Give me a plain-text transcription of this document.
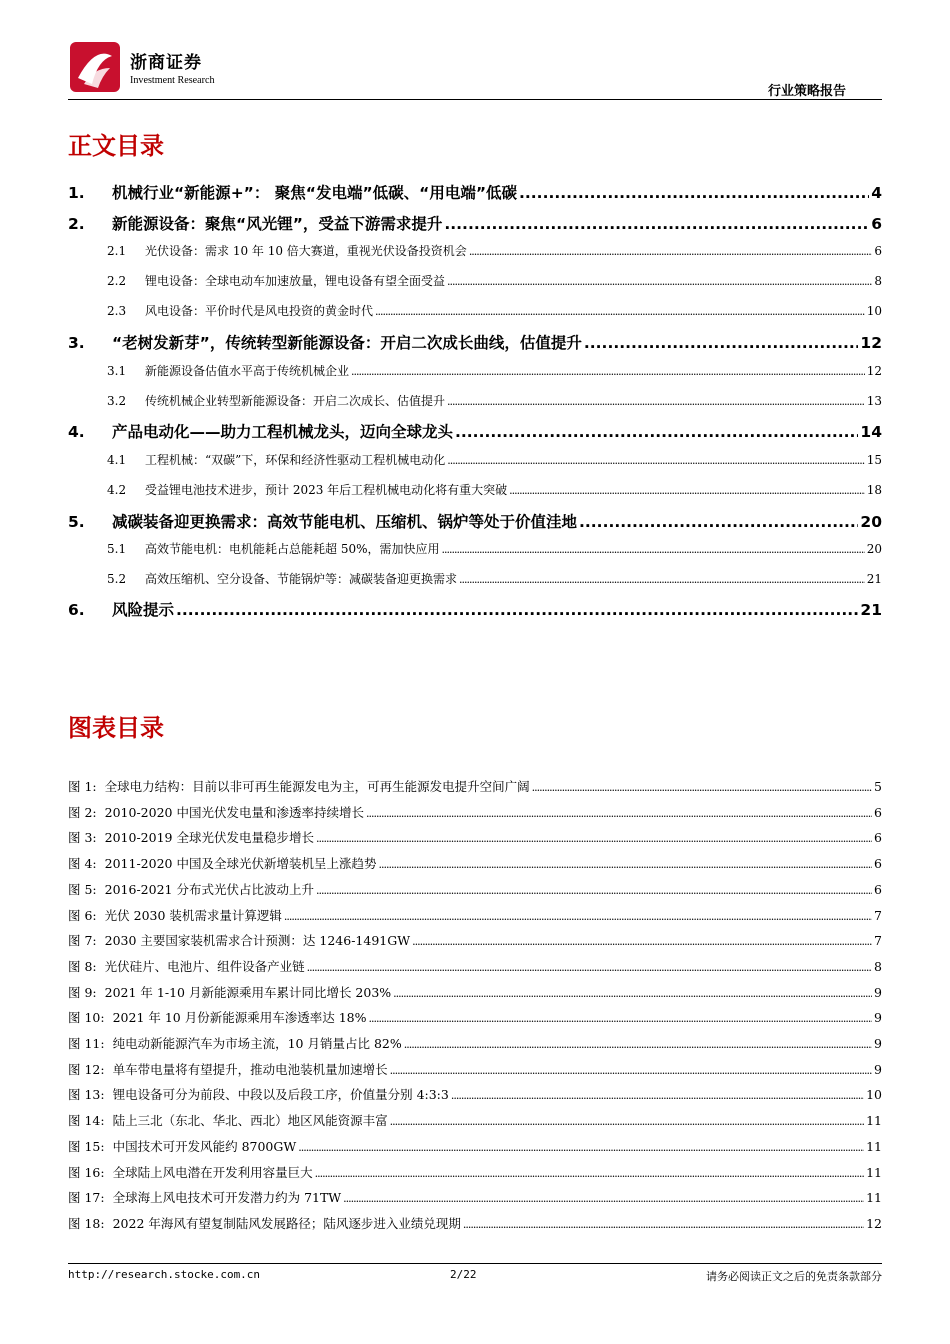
浙商证券
Investment Research
行业策略报告
正文目录
1.	机械行业“新能源+”： 聚焦“发电端”低碳、“用电端”低碳 .....	4
2.	新能源设备：聚焦“风光锂”，受益下游需求提升 .....	6
2.1	光伏设备：需求 10 年 10 倍大赛道，重视光伏设备投资机会 .....	6
2.2	锂电设备：全球电动车加速放量，锂电设备有望全面受益 .....	8
2.3	风电设备：平价时代是风电投资的黄金时代 .....	10
3.	“老树发新芽”，传统转型新能源设备：开启二次成长曲线，估值提升 .....	12
3.1	新能源设备估值水平高于传统机械企业 .....	12
3.2	传统机械企业转型新能源设备：开启二次成长、估值提升 .....	13
4.	产品电动化——助力工程机械龙头，迈向全球龙头 .....	14
4.1	工程机械：“双碳”下，环保和经济性驱动工程机械电动化 .....	15
4.2	受益锂电池技术进步，预计 2023 年后工程机械电动化将有重大突破 .....	18
5.	减碳装备迎更换需求：高效节能电机、压缩机、锅炉等处于价值洼地 .....	20
5.1	高效节能电机：电机能耗占总能耗超 50%，需加快应用 .....	20
5.2	高效压缩机、空分设备、节能锅炉等：减碳装备迎更换需求 .....	21
6.	风险提示 .....	21
图表目录
图 1: 全球电力结构：目前以非可再生能源发电为主，可再生能源发电提升空间广阔 .....	5
图 2: 2010-2020 中国光伏发电量和渗透率持续增长 .....	6
图 3: 2010-2019 全球光伏发电量稳步增长 .....	6
图 4: 2011-2020 中国及全球光伏新增装机呈上涨趋势 .....	6
图 5: 2016-2021 分布式光伏占比波动上升 .....	6
图 6: 光伏 2030 装机需求量计算逻辑 .....	7
图 7: 2030 主要国家装机需求合计预测：达 1246-1491GW .....	7
图 8: 光伏硅片、电池片、组件设备产业链 .....	8
图 9: 2021 年 1-10 月新能源乘用车累计同比增长 203% .....	9
图 10: 2021 年 10 月份新能源乘用车渗透率达 18% .....	9
图 11: 纯电动新能源汽车为市场主流，10 月销量占比 82% .....	9
图 12: 单车带电量将有望提升，推动电池装机量加速增长 .....	9
图 13: 锂电设备可分为前段、中段以及后段工序，价值量分别 4:3:3 .....	10
图 14: 陆上三北（东北、华北、西北）地区风能资源丰富 .....	11
图 15: 中国技术可开发风能约 8700GW .....	11
图 16: 全球陆上风电潜在开发利用容量巨大 .....	11
图 17: 全球海上风电技术可开发潜力约为 71TW .....	11
图 18: 2022 年海风有望复制陆风发展路径；陆风逐步进入业绩兑现期 .....	12
http://research.stocke.com.cn	2/22	请务必阅读正文之后的免责条款部分
